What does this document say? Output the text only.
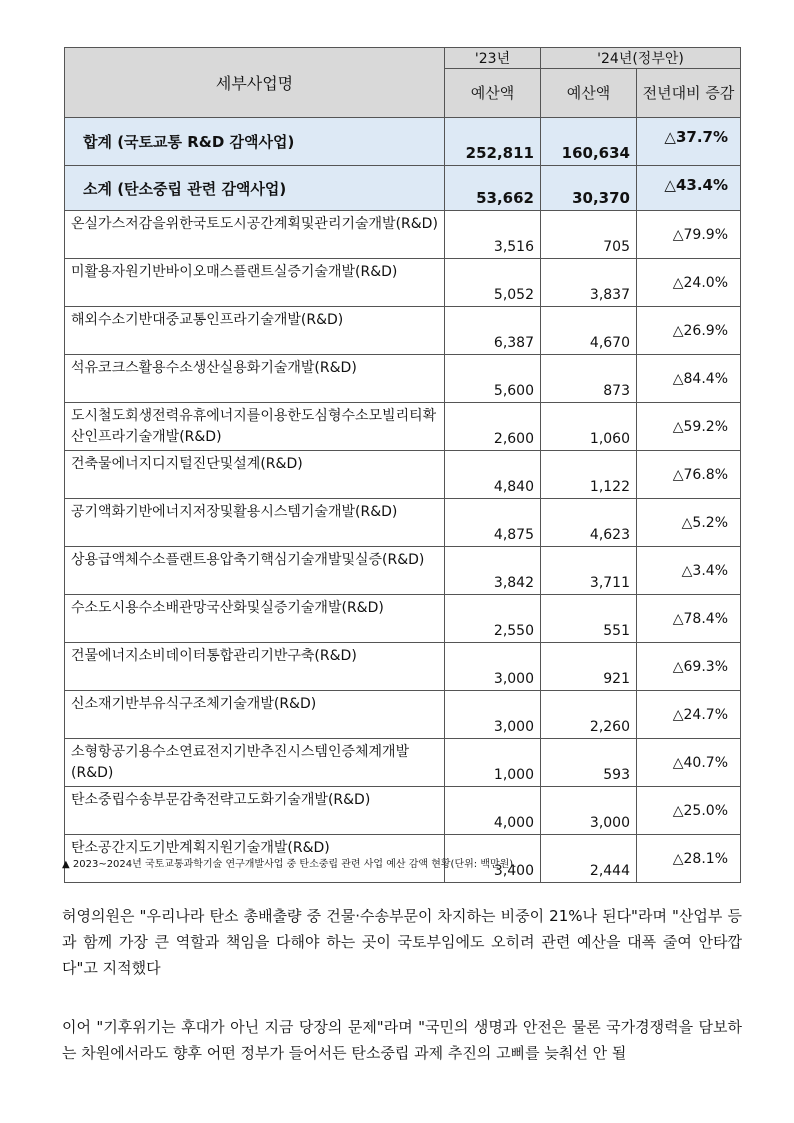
세부사업명	'23년	'24년(정부안)	
	예산액	예산액	전년대비 증감
합계 (국토교통 R&D 감액사업)	252,811	160,634	△37.7%
소계 (탄소중립 관련 감액사업)	53,662	30,370	△43.4%
온실가스저감을위한국토도시공간계획및관리기술개발(R&D)	3,516	705	△79.9%
미활용자원기반바이오매스플랜트실증기술개발(R&D)	5,052	3,837	△24.0%
해외수소기반대중교통인프라기술개발(R&D)	6,387	4,670	△26.9%
석유코크스활용수소생산실용화기술개발(R&D)	5,600	873	△84.4%
도시철도회생전력유휴에너지를이용한도심형수소모빌리티확산인프라기술개발(R&D)	2,600	1,060	△59.2%
건축물에너지디지털진단및설계(R&D)	4,840	1,122	△76.8%
공기액화기반에너지저장및활용시스템기술개발(R&D)	4,875	4,623	△5.2%
상용급액체수소플랜트용압축기핵심기술개발및실증(R&D)	3,842	3,711	△3.4%
수소도시용수소배관망국산화및실증기술개발(R&D)	2,550	551	△78.4%
건물에너지소비데이터통합관리기반구축(R&D)	3,000	921	△69.3%
신소재기반부유식구조체기술개발(R&D)	3,000	2,260	△24.7%
소형항공기용수소연료전지기반추진시스템인증체계개발(R&D)	1,000	593	△40.7%
탄소중립수송부문감축전략고도화기술개발(R&D)	4,000	3,000	△25.0%
탄소공간지도기반계획지원기술개발(R&D)	3,400	2,444	△28.1%
▲ 2023~2024년 국토교통과학기술 연구개발사업 중 탄소중립 관련 사업 예산 감액 현황(단위: 백만원).

허영의원은 "우리나라 탄소 총배출량 중 건물·수송부문이 차지하는 비중이 21%나 된다"라며 "산업부 등과 함께 가장 큰 역할과 책임을 다해야 하는 곳이 국토부임에도 오히려 관련 예산을 대폭 줄여 안타깝다"고 지적했다

이어 "기후위기는 후대가 아닌 지금 당장의 문제"라며 "국민의 생명과 안전은 물론 국가경쟁력을 담보하는 차원에서라도 향후 어떤 정부가 들어서든 탄소중립 과제 추진의 고삐를 늦춰선 안 될
